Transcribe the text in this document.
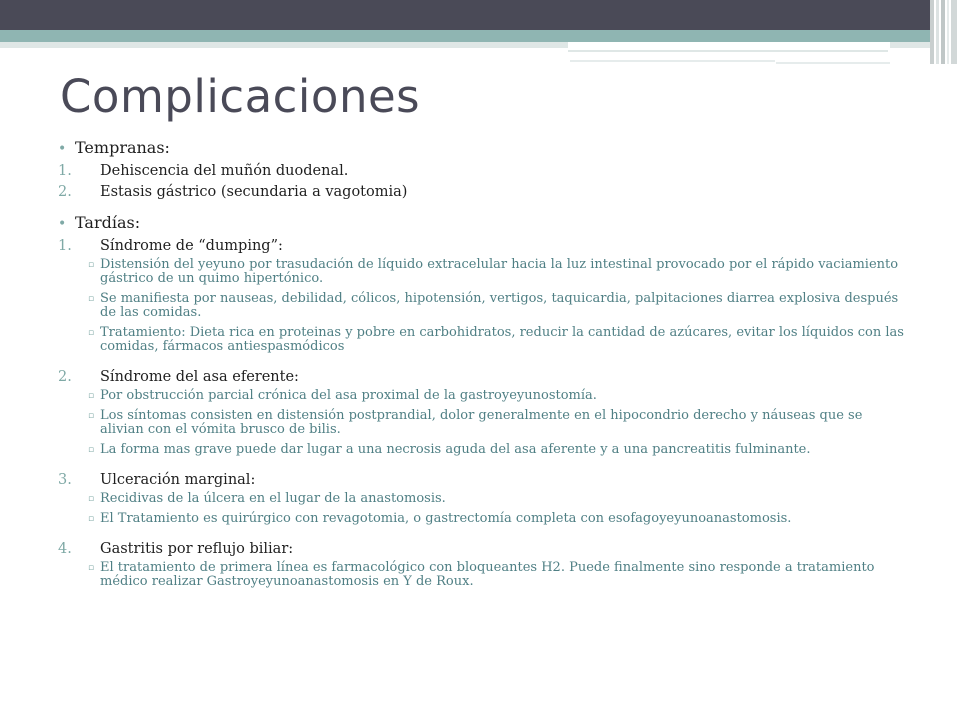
Complicaciones
• Tempranas:
1.	Dehiscencia del muñón duodenal.
2.	Estasis gástrico (secundaria a vagotomia)
• Tardías:
1.	Síndrome de “dumping”:
▫ Distensión del yeyuno por trasudación de líquido extracelular hacia la luz intestinal provocado por el rápido vaciamiento gástrico de un quimo hipertónico.
▫ Se manifiesta por nauseas, debilidad, cólicos, hipotensión, vertigos, taquicardia, palpitaciones diarrea explosiva después de las comidas.
▫ Tratamiento: Dieta rica en proteinas y pobre en carbohidratos, reducir la cantidad de azúcares, evitar los líquidos con las comidas, fármacos antiespasmódicos
2.	Síndrome del asa eferente:
▫ Por obstrucción parcial crónica del asa proximal de la gastroyeyunostomía.
▫ Los síntomas consisten en distensión postprandial, dolor generalmente en el hipocondrio derecho y náuseas que se alivian con el vómita brusco de bilis.
▫ La forma mas grave puede dar lugar a una necrosis aguda del asa aferente y a una pancreatitis fulminante.
3.	Ulceración marginal:
▫ Recidivas de la úlcera en el lugar de la anastomosis.
▫ El Tratamiento es quirúrgico con revagotomia, o gastrectomía completa con esofagoyeyunoanastomosis.
4.	Gastritis por reflujo biliar:
▫ El tratamiento de primera línea es farmacológico con bloqueantes H2. Puede finalmente sino responde a tratamiento médico realizar Gastroyeyunoanastomosis en Y de Roux.
